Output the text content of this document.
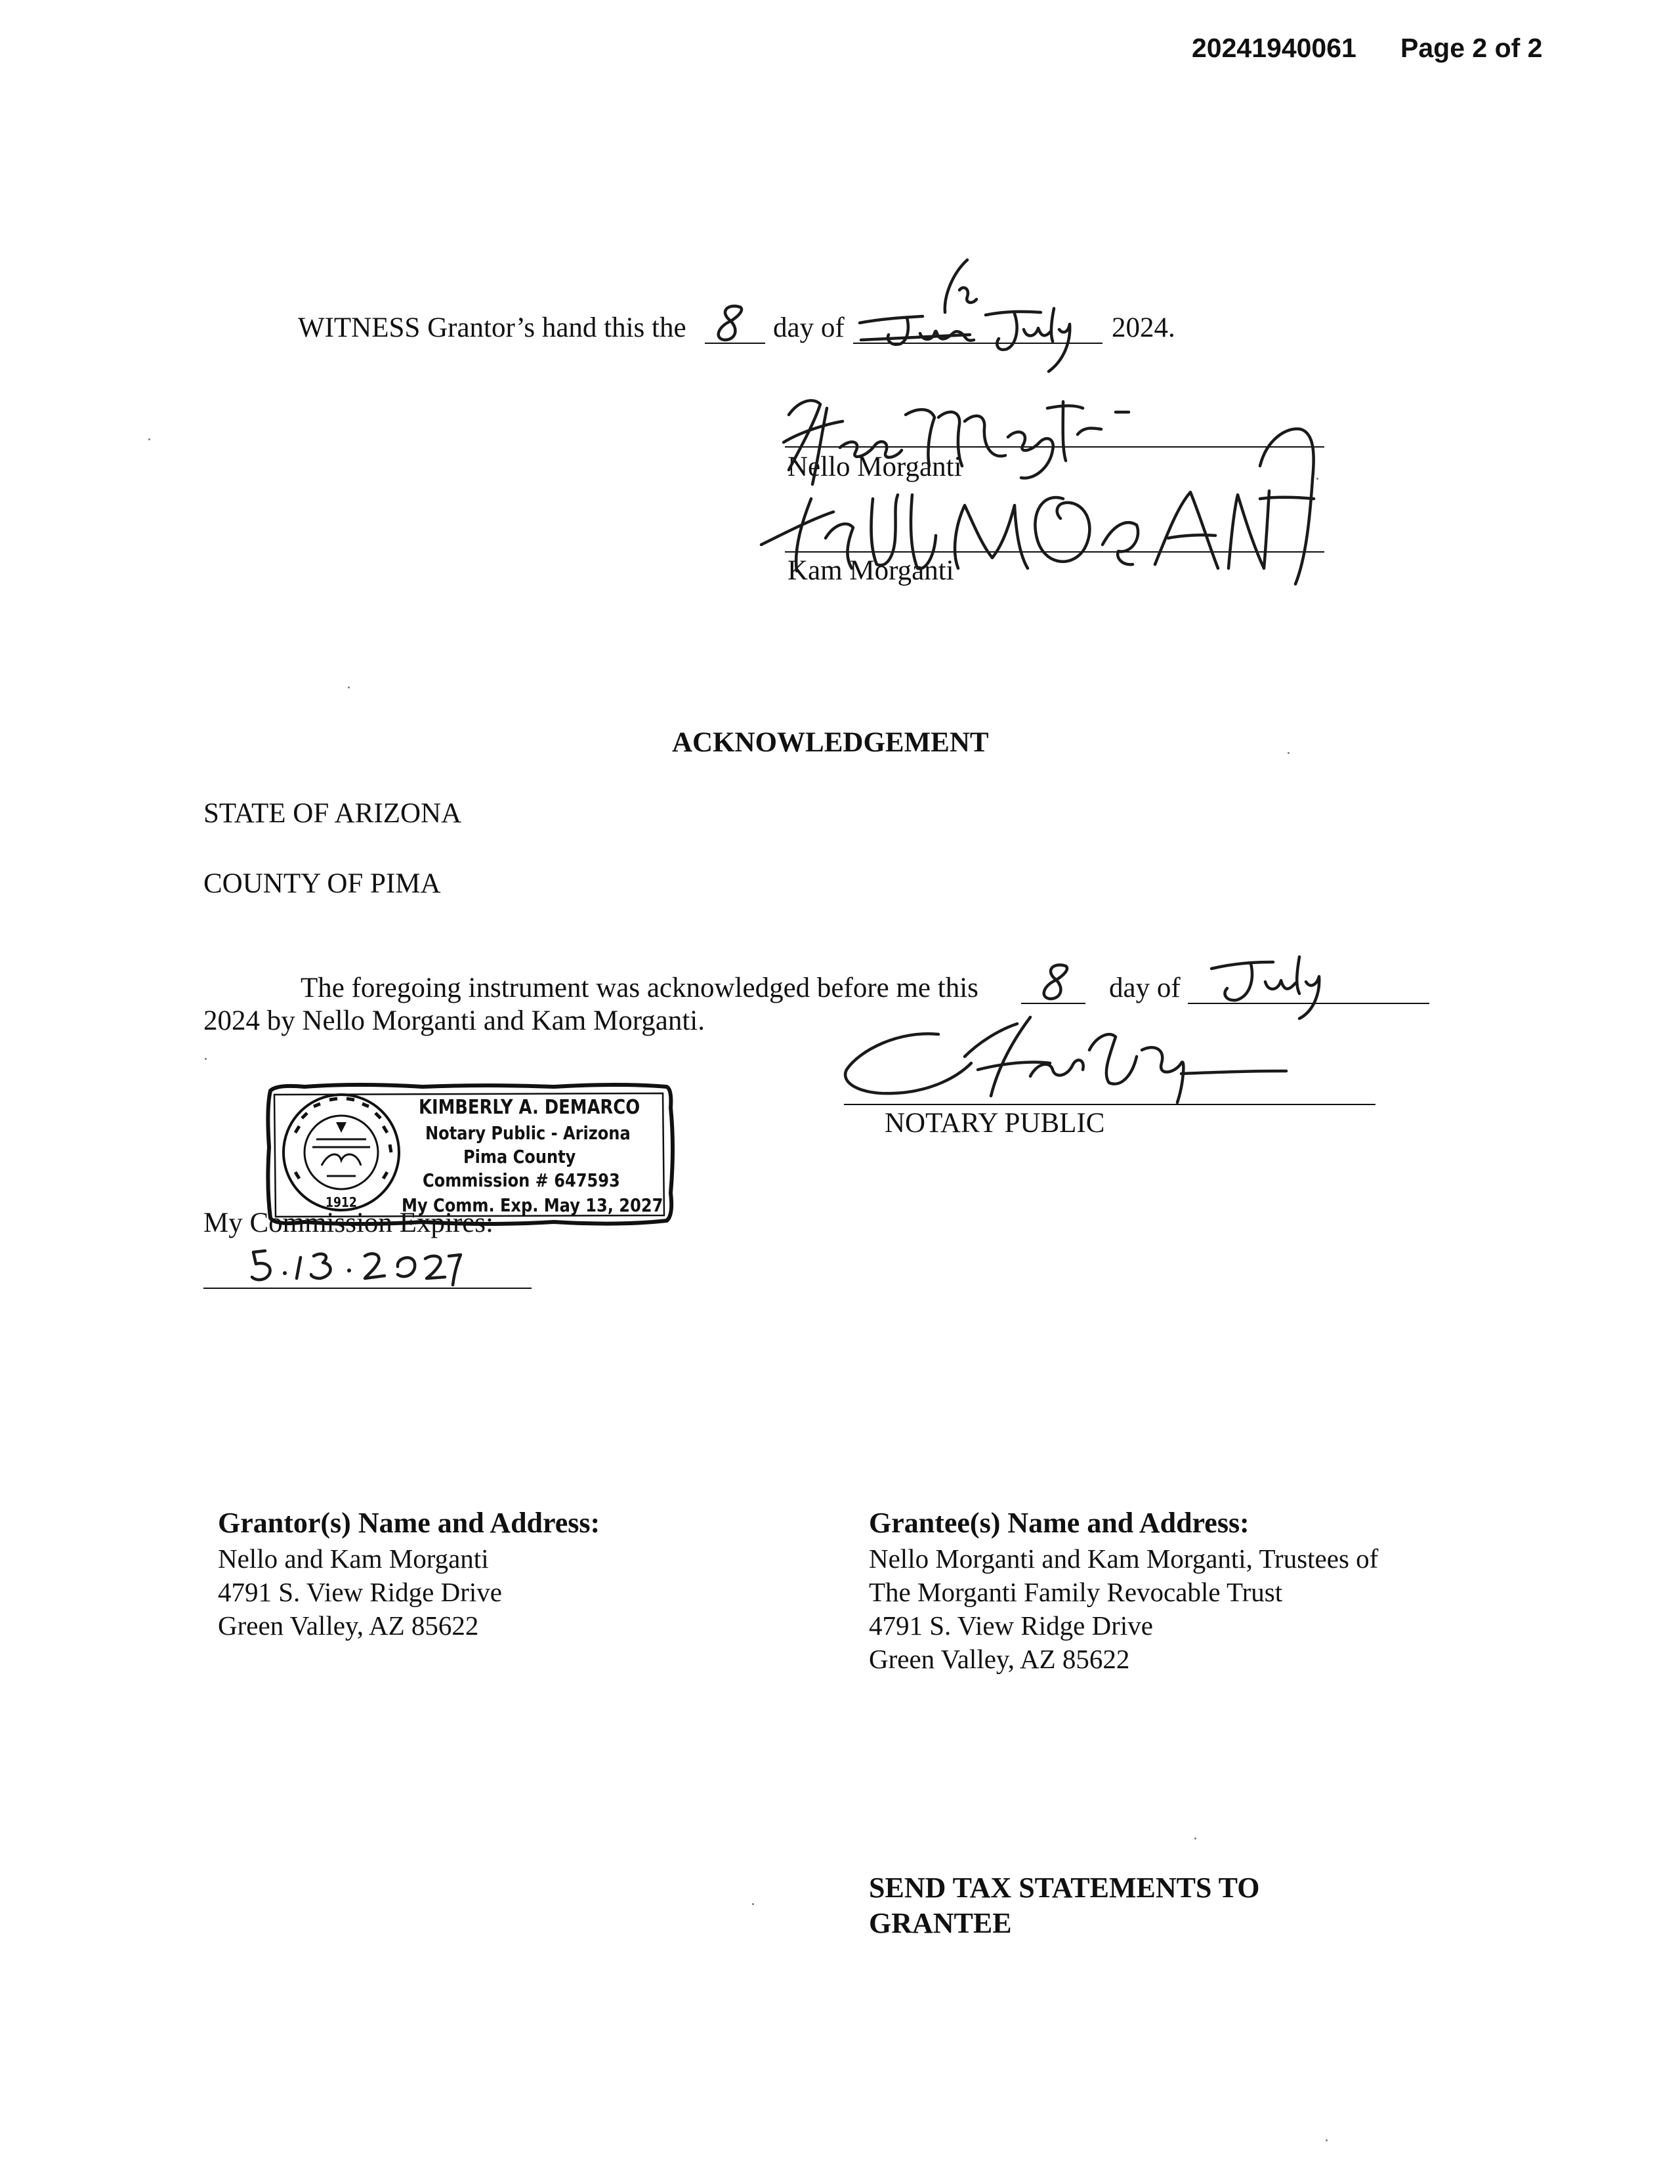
20241940061 Page 2 of 2
WITNESS Grantor’s hand this the	day of	2024.
Nello Morganti
Kam Morganti
ACKNOWLEDGEMENT
STATE OF ARIZONA
COUNTY OF PIMA
The foregoing instrument was acknowledged before me this	day of
2024 by Nello Morganti and Kam Morganti.
NOTARY PUBLIC
My Commission Expires:
1912
KIMBERLY A. DEMARCO
Notary Public - Arizona
Pima County
Commission # 647593
My Comm. Exp. May 13, 2027
Grantor(s) Name and Address:
Nello and Kam Morganti
4791 S. View Ridge Drive
Green Valley, AZ 85622
Grantee(s) Name and Address:
Nello Morganti and Kam Morganti, Trustees of
The Morganti Family Revocable Trust
4791 S. View Ridge Drive
Green Valley, AZ 85622
SEND TAX STATEMENTS TO
GRANTEE
